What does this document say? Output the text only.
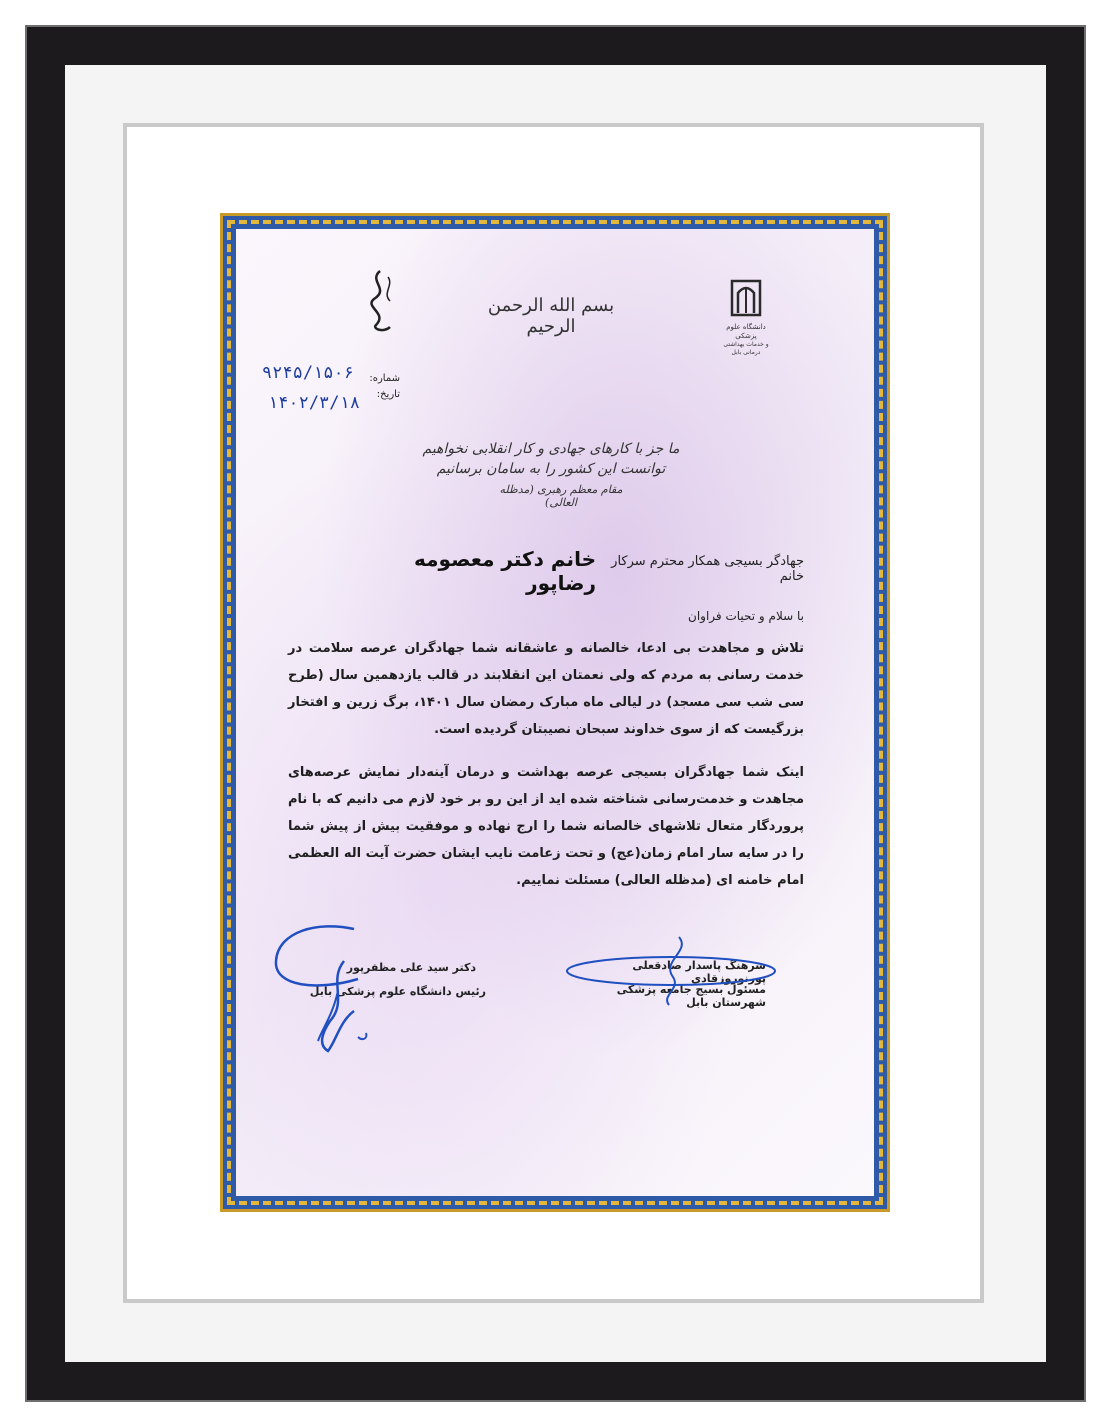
بسم الله الرحمن الرحیم	دانشگاه علوم پزشکی
و خدمات بهداشتی درمانی بابل
شماره:
تاریخ:
۹۲۴۵/۱۵۰۶
۱۴۰۲/۳/۱۸
ما جز با کارهای جهادی و کار انقلابی نخواهیم توانست این کشور را به سامان برسانیم
مقام معظم رهبری (مدظله العالی)
جهادگر بسیجی همکار محترم سرکار خانم
خانم دکتر معصومه رضاپور
با سلام و تحیات فراوان
تلاش و مجاهدت بی ادعا، خالصانه و عاشقانه شما جهادگران عرصه سلامت در خدمت رسانی به مردم که ولی نعمتان این انقلابند در قالب یازدهمین سال (طرح سی شب سی مسجد) در لیالی ماه مبارک رمضان سال ۱۴۰۱، برگ زرین و افتخار بزرگیست که از سوی خداوند سبحان نصیبتان گردیده است.
اینک شما جهادگران بسیجی عرصه بهداشت و درمان آینه‌دار نمایش عرصه‌های مجاهدت و خدمت‌رسانی شناخته شده اید از این رو بر خود لازم می دانیم که با نام پروردگار متعال تلاشهای خالصانه شما را ارج نهاده و موفقیت بیش از پیش شما را در سایه سار امام زمان(عج) و تحت زعامت نایب ایشان حضرت آیت اله العظمی امام خامنه ای (مدظله العالی) مسئلت نماییم.
دکتر سید علی مظفرپور
رئیس دانشگاه علوم پزشکی بابل
سرهنگ پاسدار صادقعلی پورنوروزقادی
مسئول بسیج جامعه پزشکی شهرستان بابل
